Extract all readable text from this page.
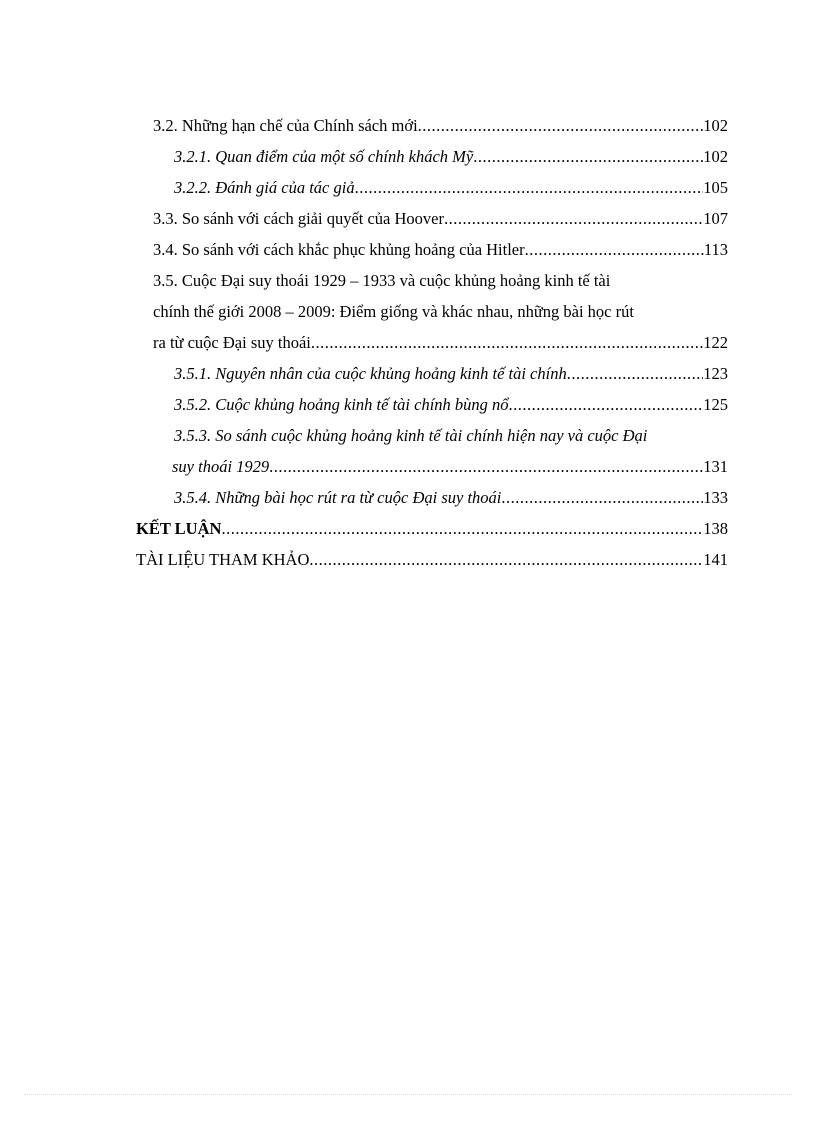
3.2. Những hạn chế của Chính sách mới .....	102
3.2.1. Quan điểm của một số chính khách Mỹ .....	102
3.2.2. Đánh giá của tác giả .....	105
3.3. So sánh với cách giải quyết của Hoover .....	107
3.4. So sánh với cách khắc phục khủng hoảng của Hitler .....	113
3.5. Cuộc Đại suy thoái 1929 – 1933 và cuộc khủng hoảng kinh tế tài
chính thế giới 2008 – 2009: Điểm giống và khác nhau, những bài học rút
ra từ cuộc Đại suy thoái .....	122
3.5.1. Nguyên nhân của cuộc khủng hoảng kinh tế tài chính .....	123
3.5.2. Cuộc khủng hoảng kinh tế tài chính bùng nổ .....	125
3.5.3. So sánh cuộc khủng hoảng kinh tế tài chính hiện nay và cuộc Đại
suy thoái 1929 .....	131
3.5.4. Những bài học rút ra từ cuộc Đại suy thoái .....	133
KẾT LUẬN .....	138
TÀI LIỆU THAM KHẢO .....	141
